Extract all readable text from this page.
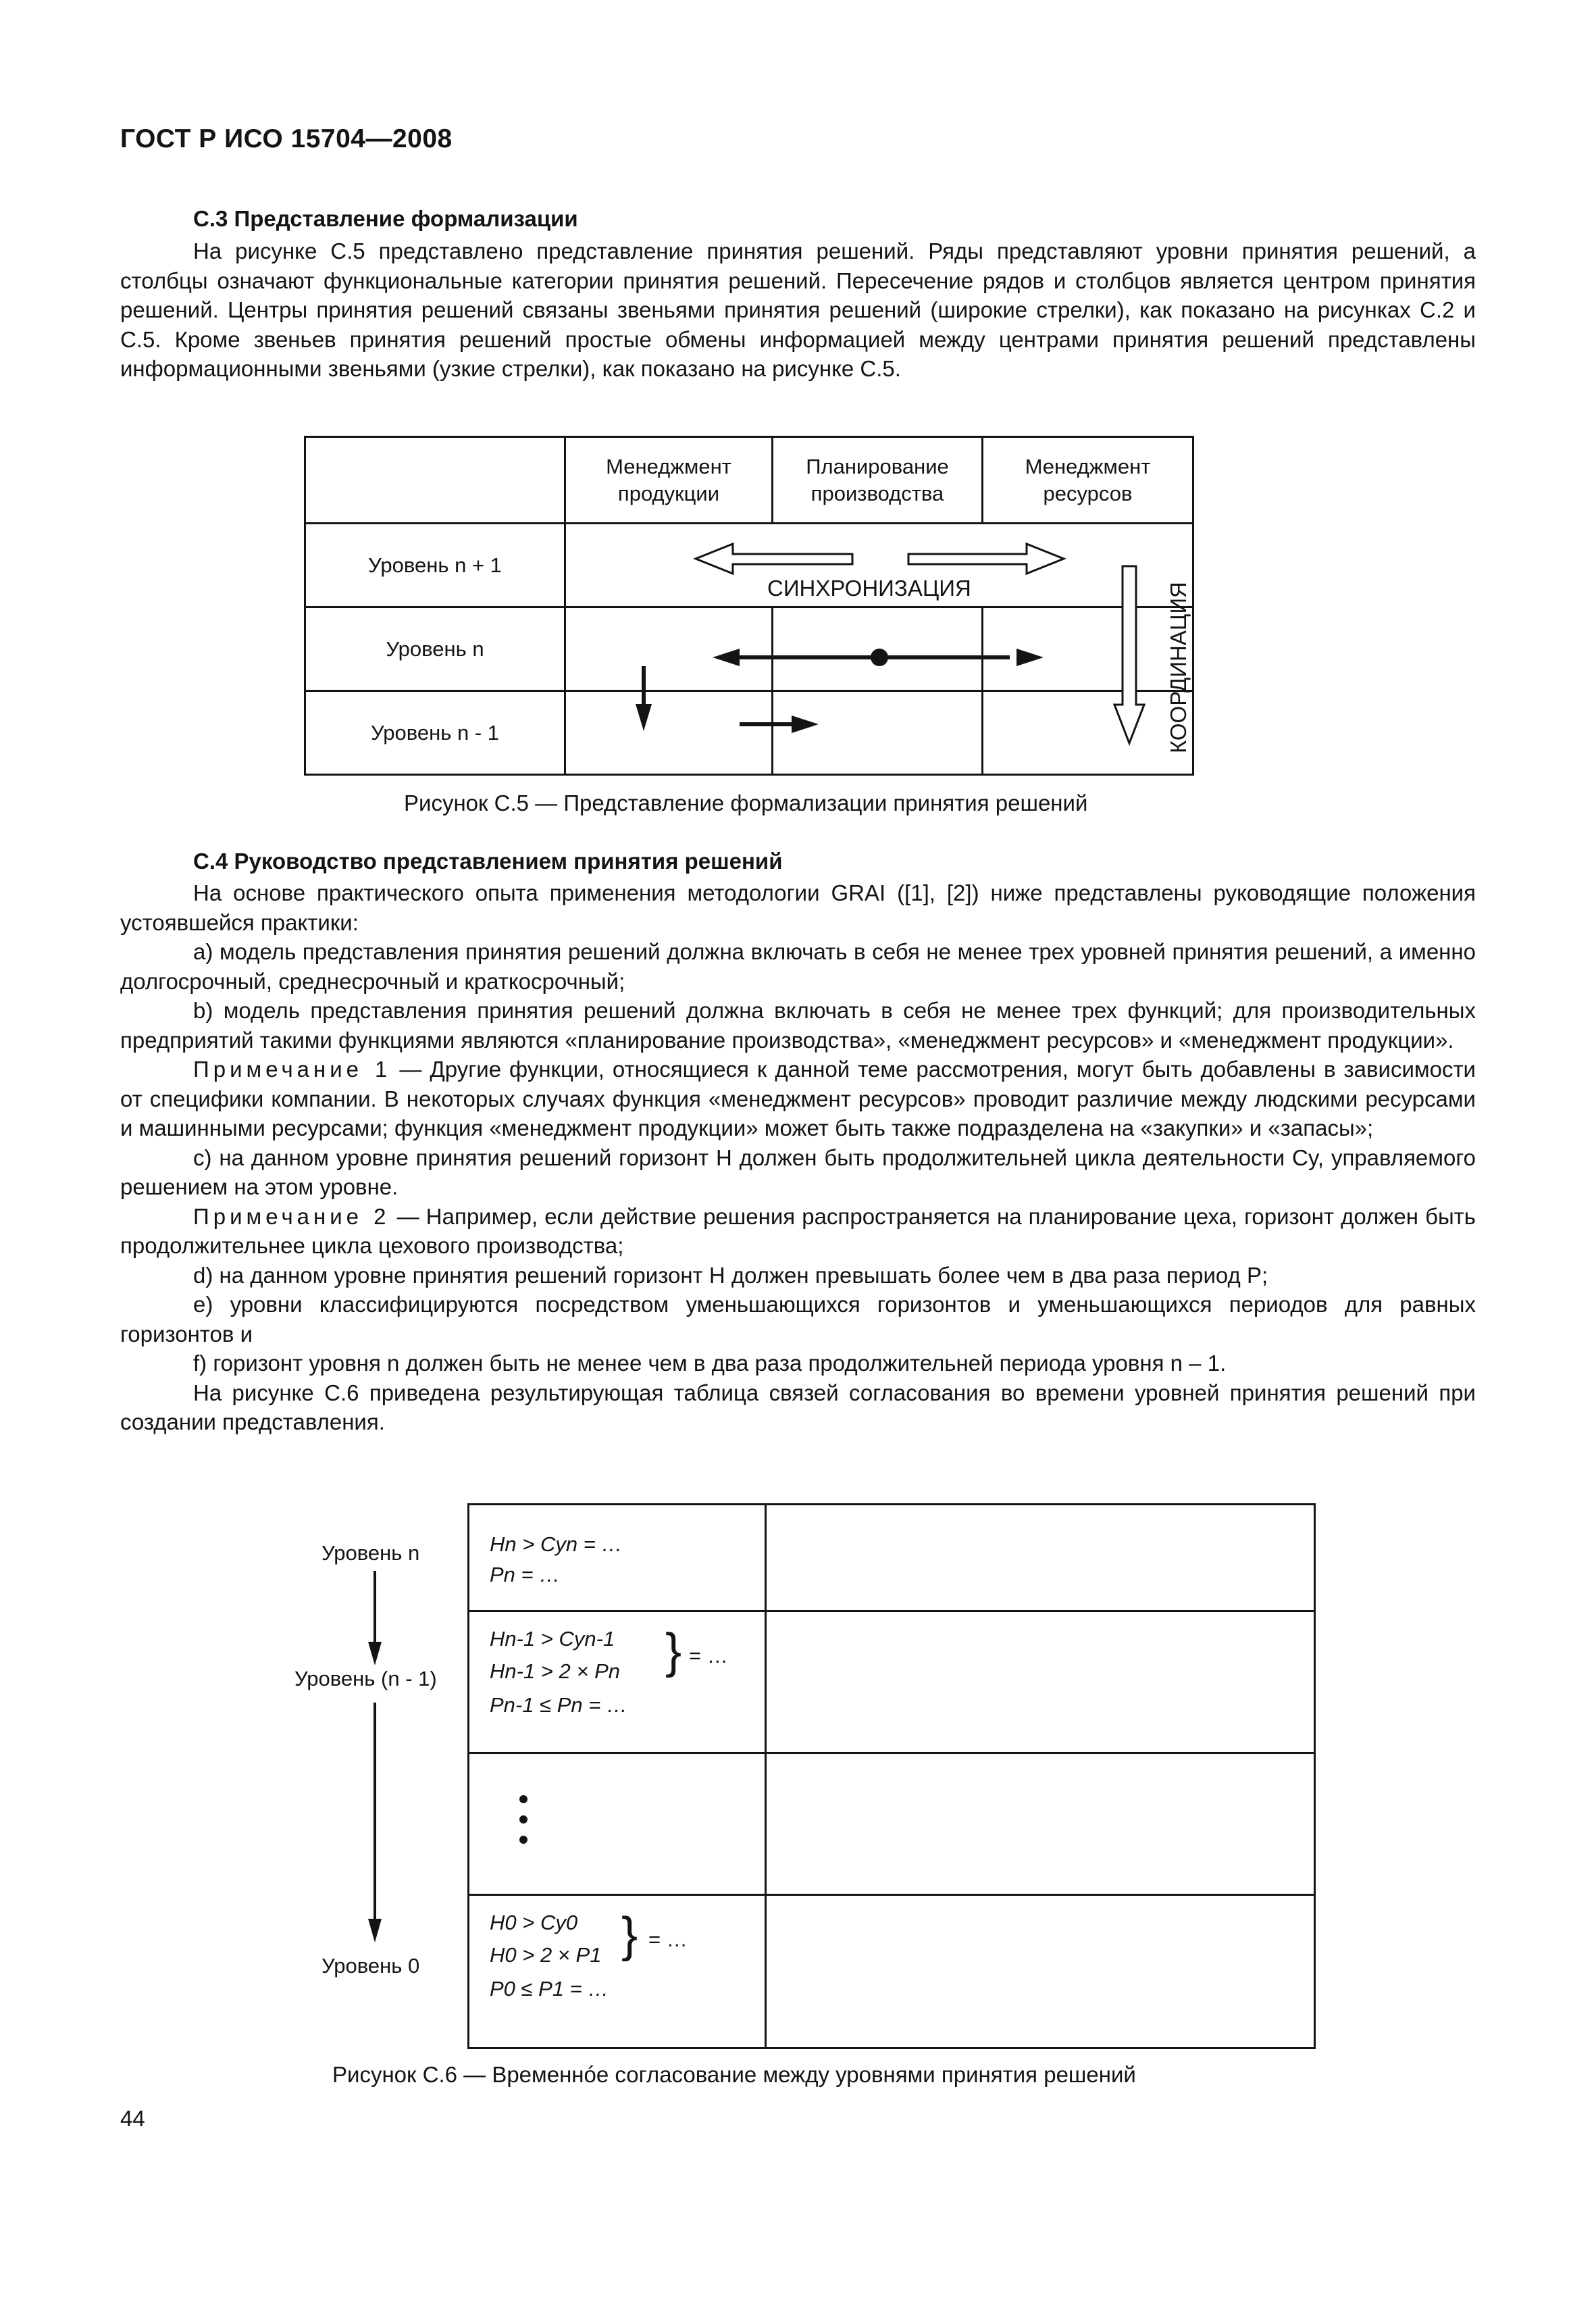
ГОСТ Р ИСО 15704—2008
С.3 Представление формализации

На рисунке С.5 представлено представление принятия решений. Ряды представляют уровни принятия решений, а столбцы означают функциональные категории принятия решений. Пересечение рядов и столбцов является центром принятия решений. Центры принятия решений связаны звеньями принятия решений (широкие стрелки), как показано на рисунках С.2 и С.5. Кроме звеньев принятия решений простые обмены информацией между центрами принятия решений представлены информационными звеньями (узкие стрелки), как показано на рисунке С.5.

	Менеджмент продукции	Планирование производства	Менеджмент ресурсов
Уровень n + 1			
Уровень n			
Уровень n - 1			
СИНХРОНИЗАЦИЯ	КООРДИНАЦИЯ
Рисунок С.5 — Представление формализации принятия решений
С.4 Руководство представлением принятия решений

На основе практического опыта применения методологии GRAI ([1], [2]) ниже представлены руководящие положения устоявшейся практики:

a) модель представления принятия решений должна включать в себя не менее трех уровней принятия решений, а именно долгосрочный, среднесрочный и краткосрочный;

b) модель представления принятия решений должна включать в себя не менее трех функций; для производительных предприятий такими функциями являются «планирование производства», «менеджмент ресурсов» и «менеджмент продукции».

Примечание 1 — Другие функции, относящиеся к данной теме рассмотрения, могут быть добавлены в зависимости от специфики компании. В некоторых случаях функция «менеджмент ресурсов» проводит различие между людскими ресурсами и машинными ресурсами; функция «менеджмент продукции» может быть также подразделена на «закупки» и «запасы»;

c) на данном уровне принятия решений горизонт H должен быть продолжительней цикла деятельности Cy, управляемого решением на этом уровне.

Примечание 2 — Например, если действие решения распространяется на планирование цеха, горизонт должен быть продолжительнее цикла цехового производства;

d) на данном уровне принятия решений горизонт H должен превышать более чем в два раза период P;

e) уровни классифицируются посредством уменьшающихся горизонтов и уменьшающихся периодов для равных горизонтов и

f) горизонт уровня n должен быть не менее чем в два раза продолжительней периода уровня n – 1.

На рисунке С.6 приведена результирующая таблица связей согласования во времени уровней принятия решений при создании представления.

Hn > Cyn = …
Pn = …
Hn-1 > Cyn-1
Hn-1 > 2 × Pn
Pn-1 ≤ Pn = …
} = …
H0 > Cy0
H0 > 2 × P1
P0 ≤ P1 = …
} = …
Уровень n
Уровень (n - 1)
Уровень 0
Рисунок С.6 — Временнóе согласование между уровнями принятия решений
44
